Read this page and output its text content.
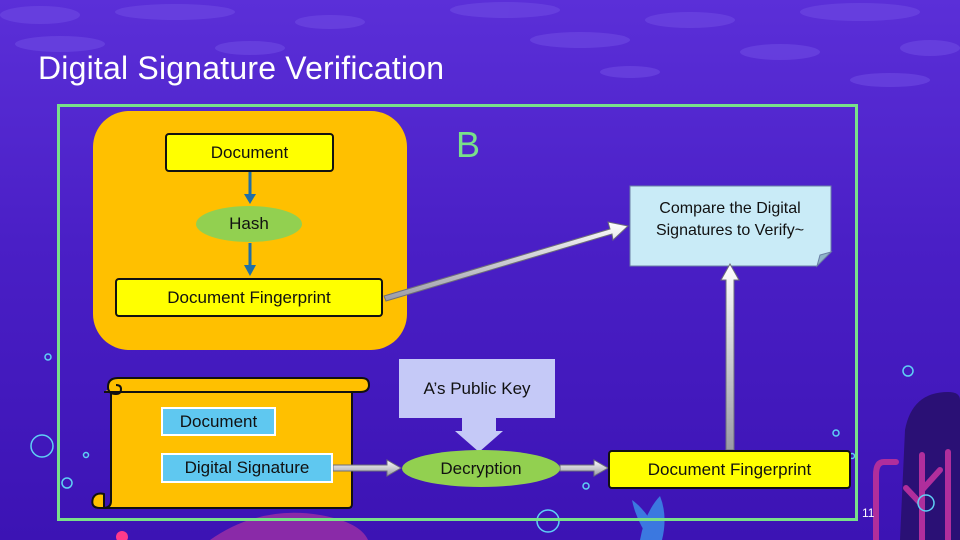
Digital Signature Verification
Document
Hash
Document Fingerprint
B
Document
Digital Signature
A’s Public Key
Decryption	Document Fingerprint
Compare the Digital Signatures to Verify~
11
